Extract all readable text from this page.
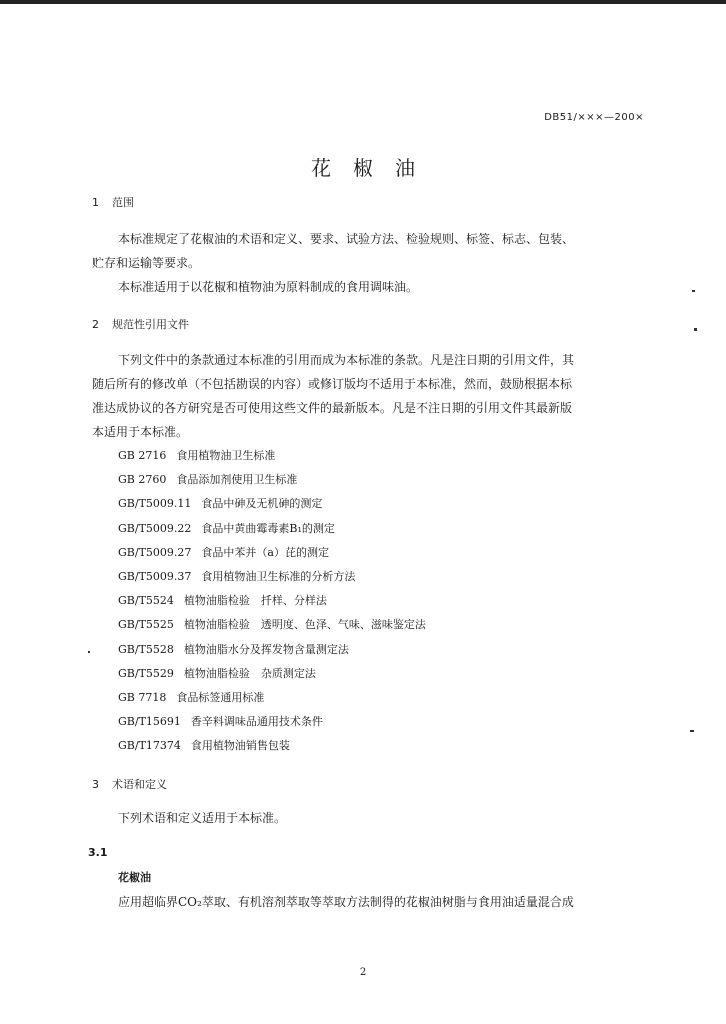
DB51/×××—200×
花椒油
1 范围
本标准规定了花椒油的术语和定义、要求、试验方法、检验规则、标签、标志、包装、
贮存和运输等要求。
本标准适用于以花椒和植物油为原料制成的食用调味油。
2 规范性引用文件
下列文件中的条款通过本标准的引用而成为本标准的条款。凡是注日期的引用文件，其
随后所有的修改单（不包括勘误的内容）或修订版均不适用于本标准，然而，鼓励根据本标
准达成协议的各方研究是否可使用这些文件的最新版本。凡是不注日期的引用文件其最新版
本适用于本标准。
GB 2716 食用植物油卫生标准
GB 2760 食品添加剂使用卫生标准
GB/T5009.11 食品中砷及无机砷的测定
GB/T5009.22 食品中黄曲霉毒素B₁的测定
GB/T5009.27 食品中苯并（a）芘的测定
GB/T5009.37 食用植物油卫生标准的分析方法
GB/T5524 植物油脂检验　扦样、分样法
GB/T5525 植物油脂检验　透明度、色泽、气味、滋味鉴定法
GB/T5528 植物油脂水分及挥发物含量测定法
GB/T5529 植物油脂检验　杂质测定法
GB 7718 食品标签通用标准
GB/T15691 香辛料调味品通用技术条件
GB/T17374 食用植物油销售包装
3 术语和定义
下列术语和定义适用于本标准。
3.1
花椒油
应用超临界CO₂萃取、有机溶剂萃取等萃取方法制得的花椒油树脂与食用油适量混合成
2
